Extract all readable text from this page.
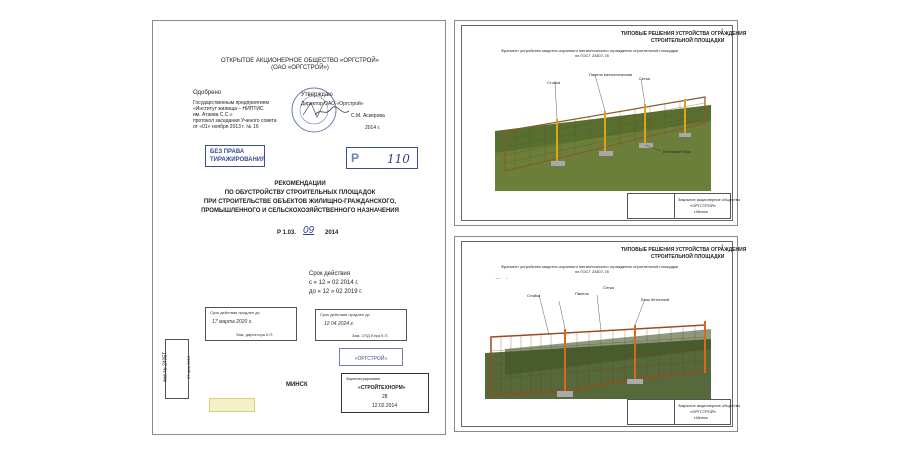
ОТКРЫТОЕ АКЦИОНЕРНОЕ ОБЩЕСТВО «ОРГСТРОЙ»
(ОАО «ОРГСТРОЙ»)
Одобрено
Государственным предприятием
«Институт жилища – НИПТИС
им. Атаева С.С.»
протокол заседания Ученого совета
от «01» ноября 2013 г. № 16
Утверждаю
Директор ОАО «Оргстрой»
С.М. Аскерова
2014 г.
БЕЗ ПРАВА ТИРАЖИРОВАНИЯ	P 110
РЕКОМЕНДАЦИИ
ПО ОБУСТРОЙСТВУ СТРОИТЕЛЬНЫХ ПЛОЩАДОК
ПРИ СТРОИТЕЛЬСТВЕ ОБЪЕКТОВ ЖИЛИЩНО-ГРАЖДАНСКОГО,
ПРОМЫШЛЕННОГО И СЕЛЬСКОХОЗЯЙСТВЕННОГО НАЗНАЧЕНИЯ
Р 1.03. 09 2014
Срок действия
с « 12 » 02 2014 г.
до « 12 » 02 2019 г.
Срок действия продлен до
17 марта 2020 г.
Зам. директора К.П.
Срок действия продлен до
12 04 2024 г.
Зам. ОТД Елуа К.П.
«ОРГСТРОЙ»
МИНСК
Зарегистрировано
«СТРОЙТЕХНОРМ»
28
12.02.2014
инв.№ 2405Т	17 фев 2016
2
ТИПОВЫЕ РЕШЕНИЯ УСТРОЙСТВА ОГРАЖДЕНИЯ
СТРОИТЕЛЬНОЙ ПЛОЩАДКИ
Фрагмент устройства защитно-охранного металлического ограждения строительной площадки
по ГОСТ 23407-78
Стойка
Панель металлическая
Сетка
Бетонный блок
Закрытое акционерное общество
«ОРГСТРОЙ»
г.Минск
3
ТИПОВЫЕ РЕШЕНИЯ УСТРОЙСТВА ОГРАЖДЕНИЯ
СТРОИТЕЛЬНОЙ ПЛОЩАДКИ
Фрагмент устройства защитно-охранного металлического ограждения строительной площадки
по ГОСТ 23407-78
Стойка	Панель
Сетка
Блок бетонный
Закрытое акционерное общество
«ОРГСТРОЙ»
г.Минск
